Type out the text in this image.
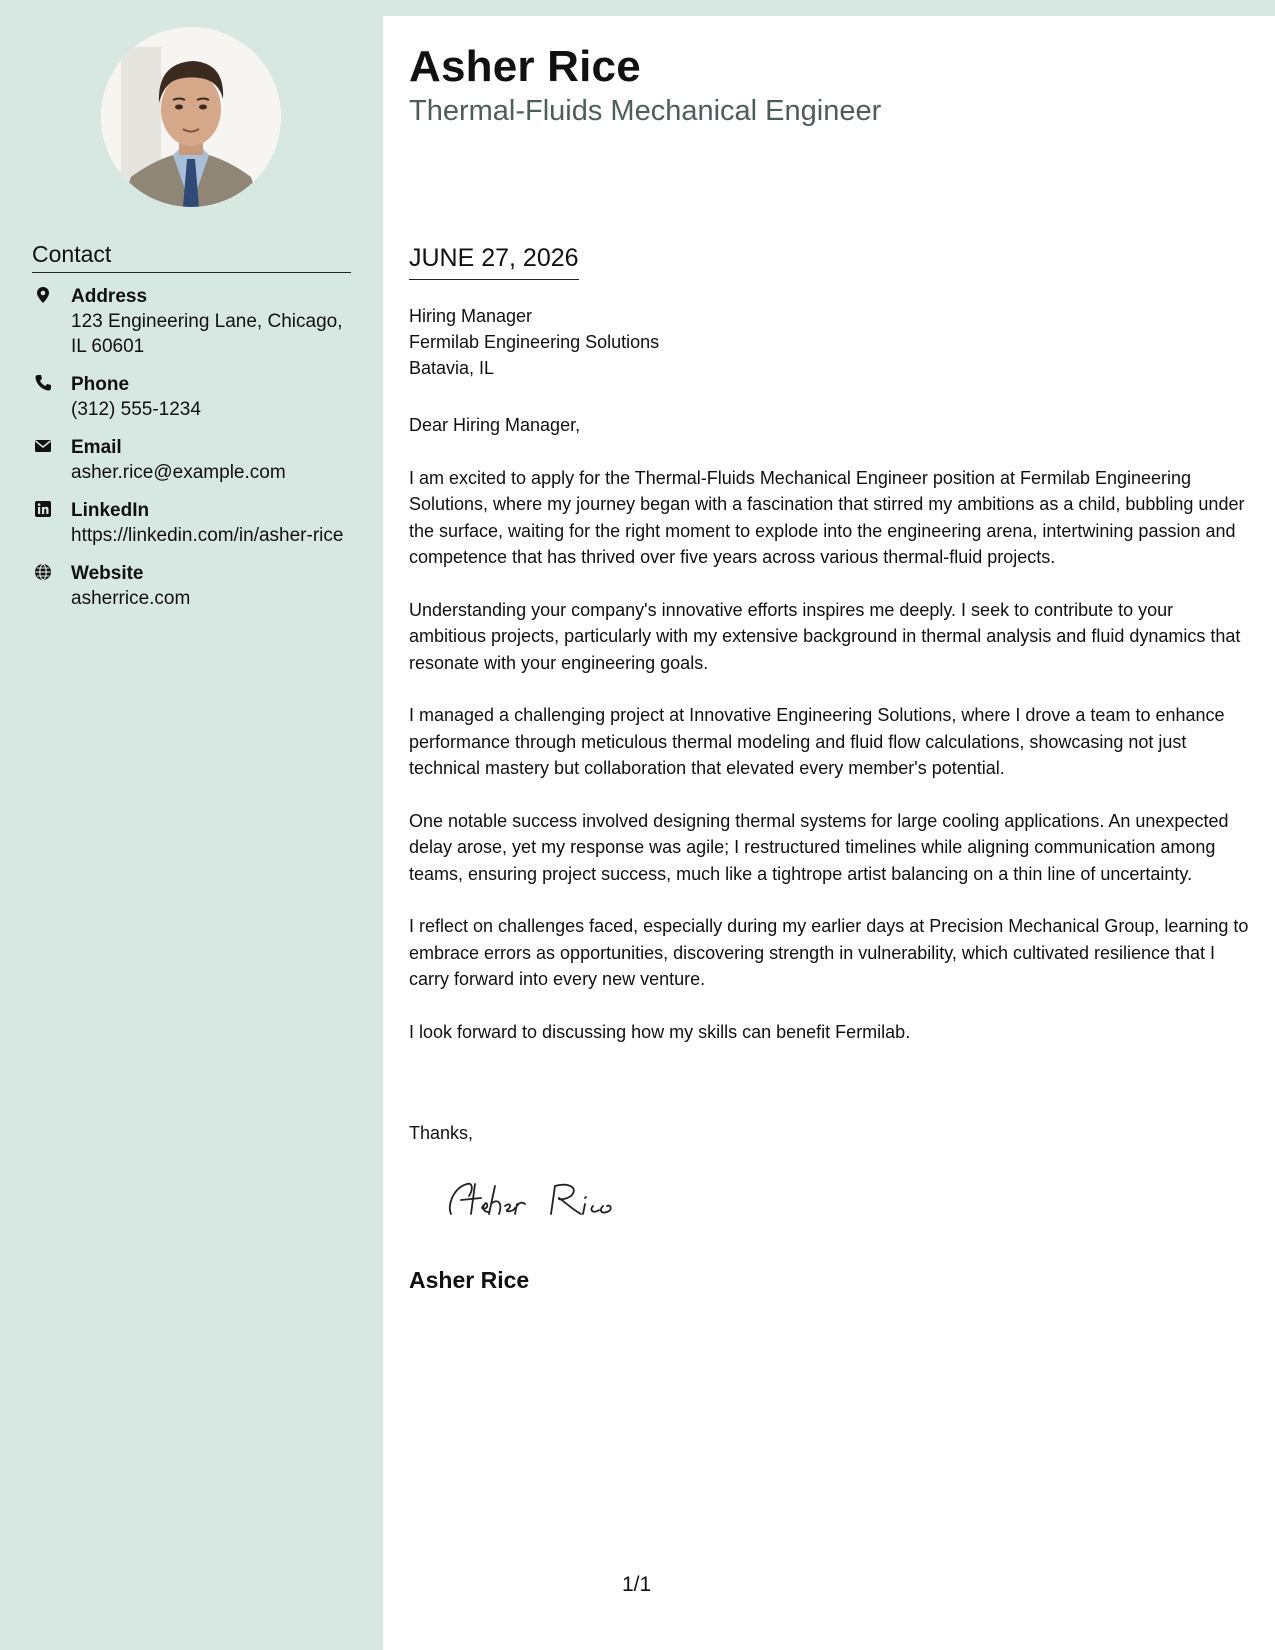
Contact
Address
123 Engineering Lane, Chicago, IL 60601
Phone
(312) 555-1234
Email
asher.rice@example.com
LinkedIn
https://linkedin.com/in/asher-rice
Website
asherrice.com
Asher Rice
Thermal-Fluids Mechanical Engineer
JUNE 27, 2026
Hiring Manager
Fermilab Engineering Solutions
Batavia, IL

Dear Hiring Manager,

I am excited to apply for the Thermal-Fluids Mechanical Engineer position at Fermilab Engineering Solutions, where my journey began with a fascination that stirred my ambitions as a child, bubbling under the surface, waiting for the right moment to explode into the engineering arena, intertwining passion and competence that has thrived over five years across various thermal-fluid projects.

Understanding your company's innovative efforts inspires me deeply. I seek to contribute to your ambitious projects, particularly with my extensive background in thermal analysis and fluid dynamics that resonate with your engineering goals.

I managed a challenging project at Innovative Engineering Solutions, where I drove a team to enhance performance through meticulous thermal modeling and fluid flow calculations, showcasing not just technical mastery but collaboration that elevated every member's potential.

One notable success involved designing thermal systems for large cooling applications. An unexpected delay arose, yet my response was agile; I restructured timelines while aligning communication among teams, ensuring project success, much like a tightrope artist balancing on a thin line of uncertainty.

I reflect on challenges faced, especially during my earlier days at Precision Mechanical Group, learning to embrace errors as opportunities, discovering strength in vulnerability, which cultivated resilience that I carry forward into every new venture.

I look forward to discussing how my skills can benefit Fermilab.

Thanks,
Asher Rice
1/1
